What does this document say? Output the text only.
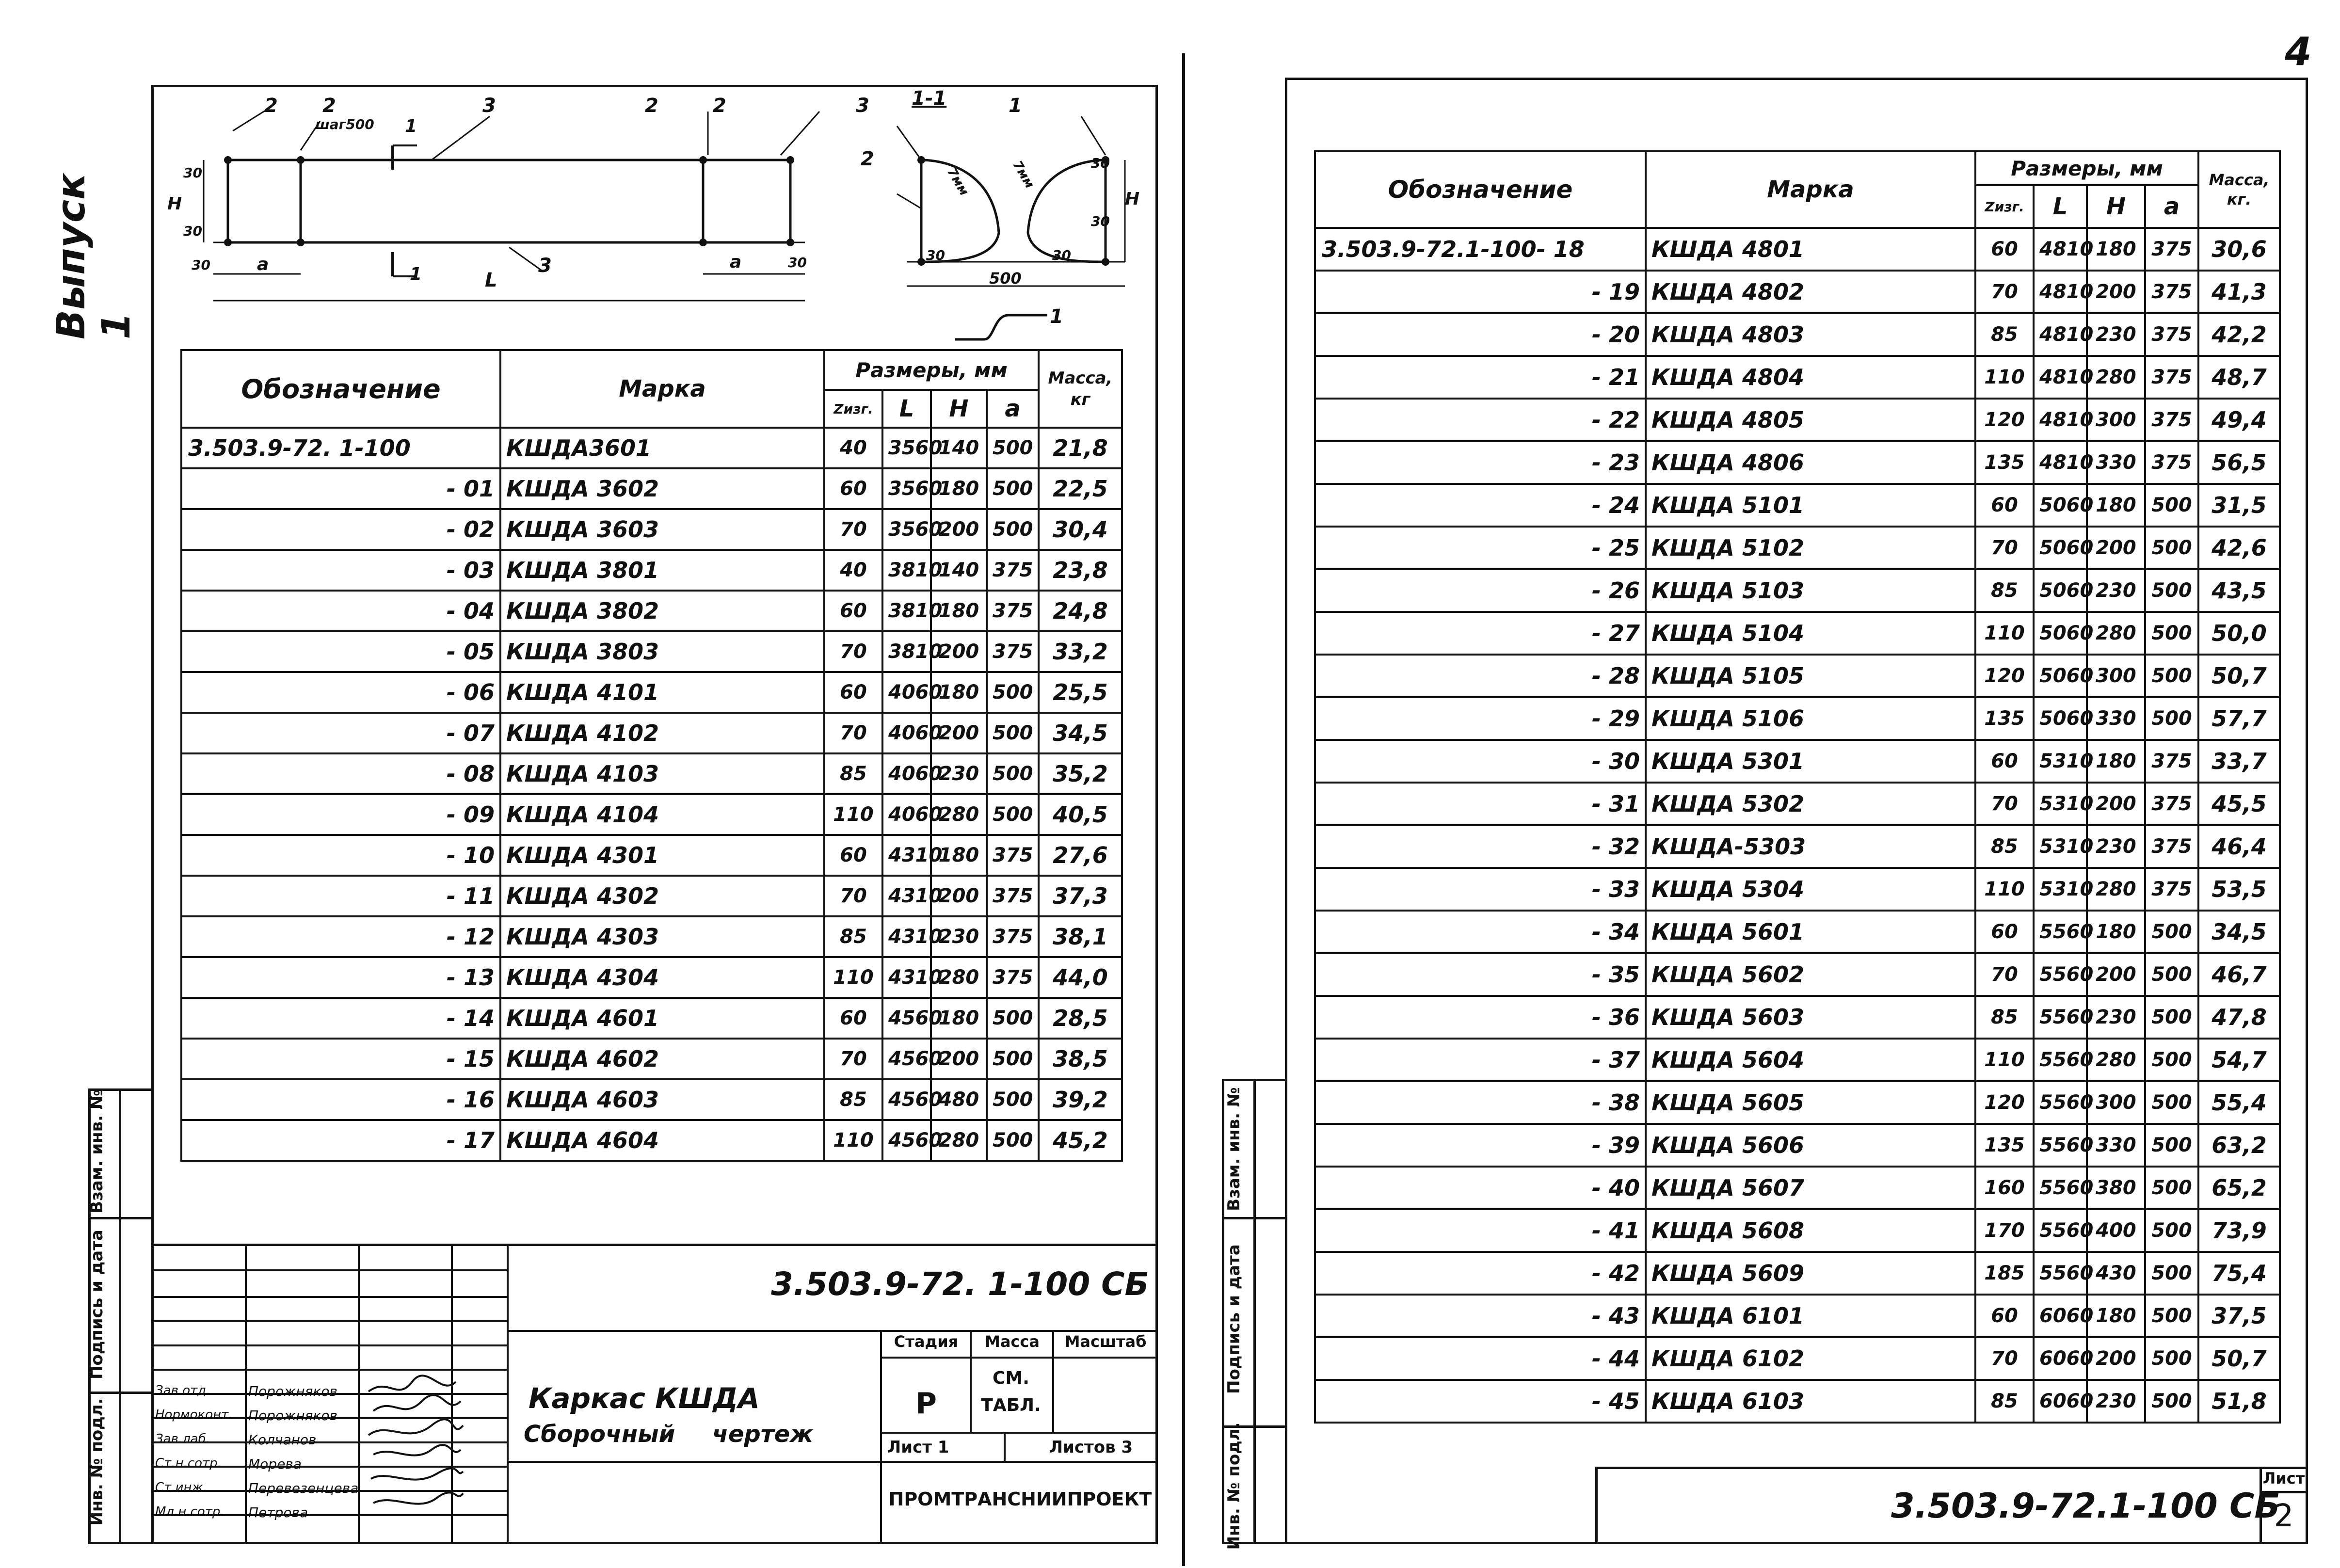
4
Выпуск 1
Инв. № подл.
Подпись и дата
Взам. инв. №
2 2
шаг500 1
3	2	2
H
30
30
30	a	1	3
L
a	30
3 1-1	1
2	30
H
7мм	7мм
30
30
500
30
1
Обозначение	Марка	Размеры, мм				Масса, кг
		Zизг.	L	H	a	
3.503.9-72. 1-100	КШДА3601	40	3560	140	500	21,8
- 01	КШДА 3602	60	3560	180	500	22,5
- 02	КШДА 3603	70	3560	200	500	30,4
- 03	КШДА 3801	40	3810	140	375	23,8
- 04	КШДА 3802	60	3810	180	375	24,8
- 05	КШДА 3803	70	3810	200	375	33,2
- 06	КШДА 4101	60	4060	180	500	25,5
- 07	КШДА 4102	70	4060	200	500	34,5
- 08	КШДА 4103	85	4060	230	500	35,2
- 09	КШДА 4104	110	4060	280	500	40,5
- 10	КШДА 4301	60	4310	180	375	27,6
- 11	КШДА 4302	70	4310	200	375	37,3
- 12	КШДА 4303	85	4310	230	375	38,1
- 13	КШДА 4304	110	4310	280	375	44,0
- 14	КШДА 4601	60	4560	180	500	28,5
- 15	КШДА 4602	70	4560	200	500	38,5
- 16	КШДА 4603	85	4560	480	500	39,2
- 17	КШДА 4604	110	4560	280	500	45,2
3.503.9-72. 1-100 СБ
Каркас КШДА
Сборочный чертеж
Стадия	Масса	Масштаб
Р
СМ. ТАБЛ.
Лист 1	Листов 3
ПРОМТРАНСНИИПРОЕКТ
Зав.отд.	Порожняков
Нормоконт.	Порожняков
Зав.лаб.	Колчанов
Ст.н.сотр.	Морева
Ст.инж.	Перевезенцева
Мл.н.сотр.	Петрова	Инв. № подл.
Подпись и дата
Взам. инв. №
Обозначение	Марка	Размеры, мм				Масса, кг.
		Zизг.	L	H	a	
3.503.9-72.1-100- 18	КШДА 4801	60	4810	180	375	30,6
- 19	КШДА 4802	70	4810	200	375	41,3
- 20	КШДА 4803	85	4810	230	375	42,2
- 21	КШДА 4804	110	4810	280	375	48,7
- 22	КШДА 4805	120	4810	300	375	49,4
- 23	КШДА 4806	135	4810	330	375	56,5
- 24	КШДА 5101	60	5060	180	500	31,5
- 25	КШДА 5102	70	5060	200	500	42,6
- 26	КШДА 5103	85	5060	230	500	43,5
- 27	КШДА 5104	110	5060	280	500	50,0
- 28	КШДА 5105	120	5060	300	500	50,7
- 29	КШДА 5106	135	5060	330	500	57,7
- 30	КШДА 5301	60	5310	180	375	33,7
- 31	КШДА 5302	70	5310	200	375	45,5
- 32	КШДА-5303	85	5310	230	375	46,4
- 33	КШДА 5304	110	5310	280	375	53,5
- 34	КШДА 5601	60	5560	180	500	34,5
- 35	КШДА 5602	70	5560	200	500	46,7
- 36	КШДА 5603	85	5560	230	500	47,8
- 37	КШДА 5604	110	5560	280	500	54,7
- 38	КШДА 5605	120	5560	300	500	55,4
- 39	КШДА 5606	135	5560	330	500	63,2
- 40	КШДА 5607	160	5560	380	500	65,2
- 41	КШДА 5608	170	5560	400	500	73,9
- 42	КШДА 5609	185	5560	430	500	75,4
- 43	КШДА 6101	60	6060	180	500	37,5
- 44	КШДА 6102	70	6060	200	500	50,7
- 45	КШДА 6103	85	6060	230	500	51,8
3.503.9-72.1-100 СБ
Лист
2
